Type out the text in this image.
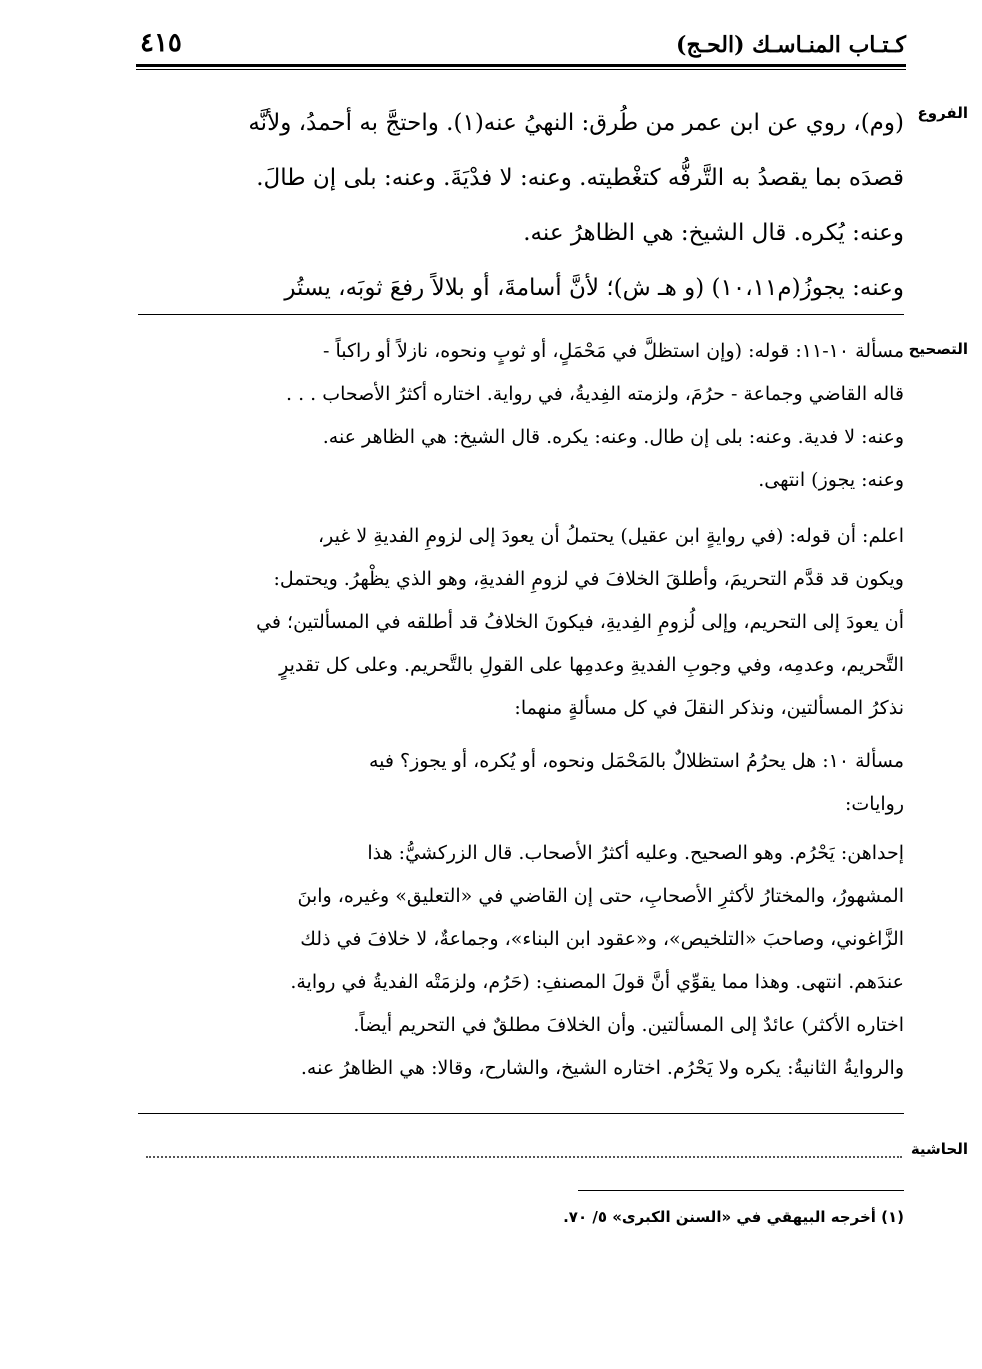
كـتـاب المنـاسـك (الحـج)
٤١٥
الفروع
(وم)، روي عن ابن عمر من طُرق: النهيُ عنه(١). واحتجَّ به أحمدُ، ولأنَّه
قصدَه بما يقصدُ به التَّرفُّه كتغْطيته. وعنه: لا فدْيَةَ. وعنه: بلى إن طالَ.
وعنه: يُكره. قال الشيخ: هي الظاهرُ عنه.
وعنه: يجوزُ(م١٠،١١) (و هـ ش)؛ لأنَّ أسامةَ، أو بلالاً رفعَ ثوبَه، يستُر
التصحيح
مسألة ١٠-١١: قوله: (وإن استظلَّ في مَحْمَلٍ، أو ثوبٍ ونحوه، نازلاً أو راكباً -
قاله القاضي وجماعة - حرُمَ، ولزمته الفِديةُ، في رواية. اختاره أكثرُ الأصحاب . . .
وعنه: لا فدية. وعنه: بلى إن طال. وعنه: يكره. قال الشيخ: هي الظاهر عنه.
وعنه: يجوز) انتهى.
اعلم: أن قوله: (في روايةٍ ابن عقيل) يحتملُ أن يعودَ إلى لزومِ الفديةِ لا غير،
ويكون قد قدَّم التحريمَ، وأطلقَ الخلافَ في لزومِ الفديةِ، وهو الذي يظْهرُ. ويحتمل:
أن يعودَ إلى التحريم، وإلى لُزومِ الفِديةِ، فيكونَ الخلافُ قد أطلقه في المسألتين؛ في
التَّحريم، وعدمِه، وفي وجوبِ الفديةِ وعدمِها على القولِ بالتَّحريم. وعلى كل تقديرٍ
نذكرُ المسألتين، ونذكر النقلَ في كل مسألةٍ منهما:
مسألة ١٠: هل يحرُمُ استظلالٌ بالمَحْمَل ونحوه، أو يُكره، أو يجوز؟ فيه
روايات:
إحداهن: يَحْرُم. وهو الصحيح. وعليه أكثرُ الأصحاب. قال الزركشيُّ: هذا
المشهورُ، والمختارُ لأكثرِ الأصحابِ، حتى إن القاضي في «التعليق» وغيره، وابنَ
الزَّاغوني، وصاحبَ «التلخيص»، و«عقود ابن البناء»، وجماعةٌ، لا خلافَ في ذلك
عندَهم. انتهى. وهذا مما يقوِّي أنَّ قولَ المصنفِ: (حَرُم، ولزمَتْه الفديةُ في رواية.
اختاره الأكثر) عائدٌ إلى المسألتين. وأن الخلافَ مطلقٌ في التحريم أيضاً.
والروايةُ الثانيةُ: يكره ولا يَحْرُم. اختاره الشيخ، والشارح، وقالا: هي الظاهرُ عنه.
الحاشية
(١) أخرجه البيهقي في «السنن الكبرى» ٥/ ٧٠.
